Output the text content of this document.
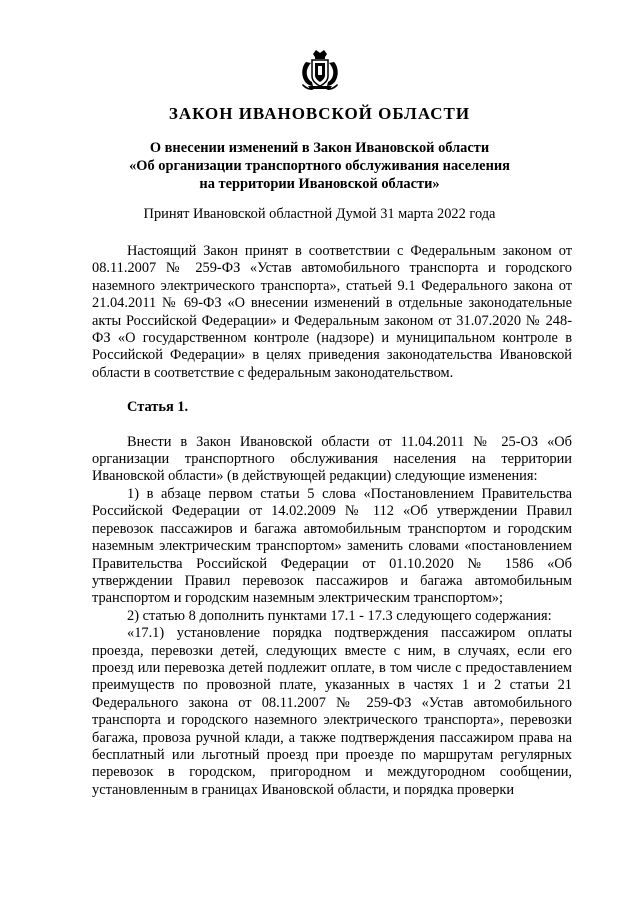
ЗАКОН ИВАНОВСКОЙ ОБЛАСТИ
О внесении изменений в Закон Ивановской области
«Об организации транспортного обслуживания населения
на территории Ивановской области»
Принят Ивановской областной Думой 31 марта 2022 года

Настоящий Закон принят в соответствии с Федеральным законом от 08.11.2007 № 259-ФЗ «Устав автомобильного транспорта и городского наземного электрического транспорта», статьей 9.1 Федерального закона от 21.04.2011 № 69-ФЗ «О внесении изменений в отдельные законодательные акты Российской Федерации» и Федеральным законом от 31.07.2020 № 248-ФЗ «О государственном контроле (надзоре) и муниципальном контроле в Российской Федерации» в целях приведения законодательства Ивановской области в соответствие с федеральным законодательством.

Статья 1.

Внести в Закон Ивановской области от 11.04.2011 № 25-ОЗ «Об организации транспортного обслуживания населения на территории Ивановской области» (в действующей редакции) следующие изменения:

1) в абзаце первом статьи 5 слова «Постановлением Правительства Российской Федерации от 14.02.2009 № 112 «Об утверждении Правил перевозок пассажиров и багажа автомобильным транспортом и городским наземным электрическим транспортом» заменить словами «постановлением Правительства Российской Федерации от 01.10.2020 № 1586 «Об утверждении Правил перевозок пассажиров и багажа автомобильным транспортом и городским наземным электрическим транспортом»;

2) статью 8 дополнить пунктами 17.1 - 17.3 следующего содержания:

«17.1) установление порядка подтверждения пассажиром оплаты проезда, перевозки детей, следующих вместе с ним, в случаях, если его проезд или перевозка детей подлежит оплате, в том числе с предоставлением преимуществ по провозной плате, указанных в частях 1 и 2 статьи 21 Федерального закона от 08.11.2007 № 259-ФЗ «Устав автомобильного транспорта и городского наземного электрического транспорта», перевозки багажа, провоза ручной клади, а также подтверждения пассажиром права на бесплатный или льготный проезд при проезде по маршрутам регулярных перевозок в городском, пригородном и междугородном сообщении, установленным в границах Ивановской области, и порядка проверки
